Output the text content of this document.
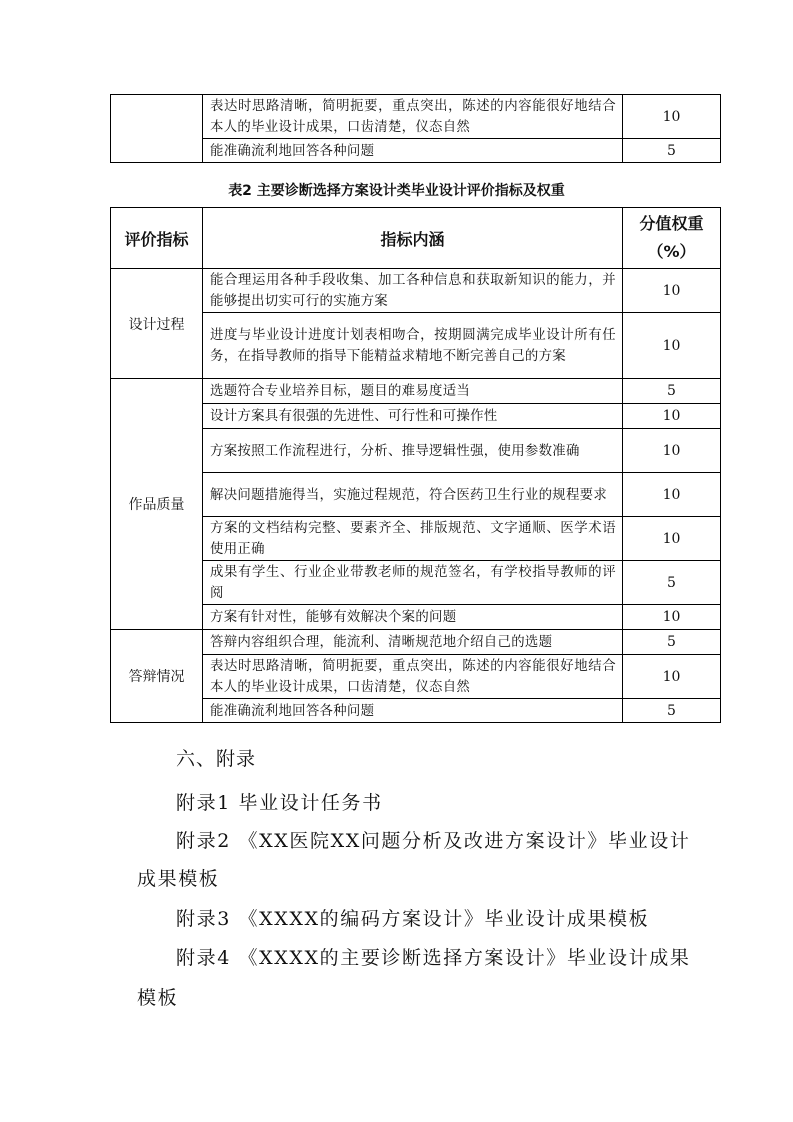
	表达时思路清晰，简明扼要，重点突出，陈述的内容能很好地结合本人的毕业设计成果，口齿清楚，仪态自然	10
	能准确流利地回答各种问题	5
表2 主要诊断选择方案设计类毕业设计评价指标及权重
评价指标	指标内涵	分值权重
（%）

设计过程	能合理运用各种手段收集、加工各种信息和获取新知识的能力，并能够提出切实可行的实施方案	10
	进度与毕业设计进度计划表相吻合，按期圆满完成毕业设计所有任务，在指导教师的指导下能精益求精地不断完善自己的方案	10
作品质量	选题符合专业培养目标，题目的难易度适当	5
	设计方案具有很强的先进性、可行性和可操作性	10
	方案按照工作流程进行，分析、推导逻辑性强，使用参数准确	10
	解决问题措施得当，实施过程规范，符合医药卫生行业的规程要求	10
	方案的文档结构完整、要素齐全、排版规范、文字通顺、医学术语使用正确	10
	成果有学生、行业企业带教老师的规范签名，有学校指导教师的评阅	5
	方案有针对性，能够有效解决个案的问题	10
答辩情况	答辩内容组织合理，能流利、清晰规范地介绍自己的选题	5
	表达时思路清晰，简明扼要，重点突出，陈述的内容能很好地结合本人的毕业设计成果，口齿清楚，仪态自然	10
	能准确流利地回答各种问题	5
六、附录
附录1 毕业设计任务书
附录2 《XX医院XX问题分析及改进方案设计》毕业设计
成果模板
附录3 《XXXX的编码方案设计》毕业设计成果模板
附录4 《XXXX的主要诊断选择方案设计》毕业设计成果
模板
